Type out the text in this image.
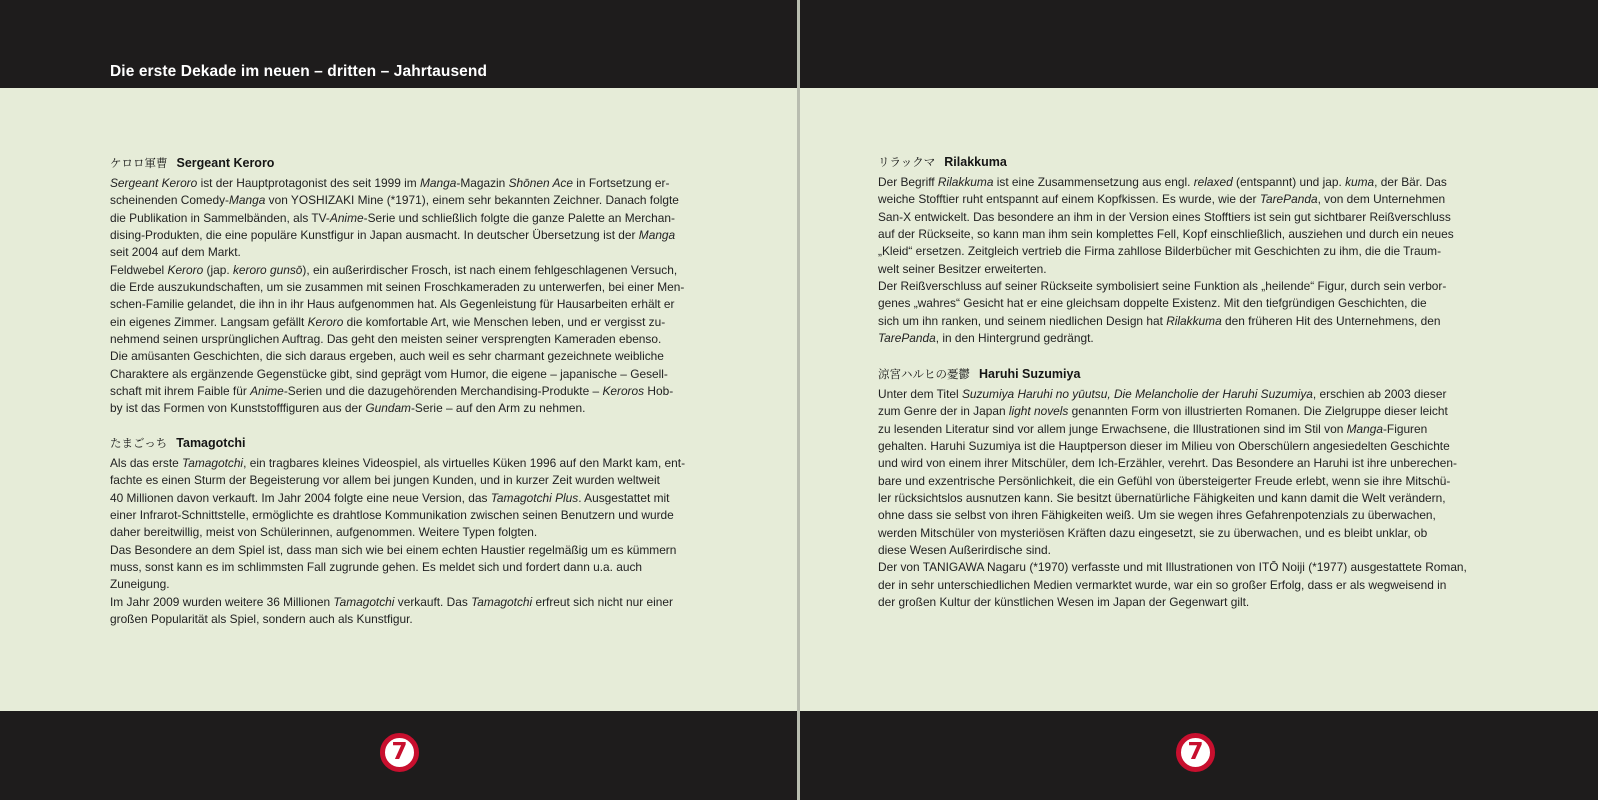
Die erste Dekade im neuen – dritten – Jahrtausend
ケロロ軍曹 Sergeant Keroro

Sergeant Keroro ist der Hauptprotagonist des seit 1999 im Manga-Magazin Shōnen Ace in Fortsetzung er-

scheinenden Comedy-Manga von YOSHIZAKI Mine (*1971), einem sehr bekannten Zeichner. Danach folgte

die Publikation in Sammelbänden, als TV-Anime-Serie und schließlich folgte die ganze Palette an Merchan-

dising-Produkten, die eine populäre Kunstfigur in Japan ausmacht. In deutscher Übersetzung ist der Manga

seit 2004 auf dem Markt.

Feldwebel Keroro (jap. keroro gunsō), ein außerirdischer Frosch, ist nach einem fehlgeschlagenen Versuch,

die Erde auszukundschaften, um sie zusammen mit seinen Froschkameraden zu unterwerfen, bei einer Men-

schen-Familie gelandet, die ihn in ihr Haus aufgenommen hat. Als Gegenleistung für Hausarbeiten erhält er

ein eigenes Zimmer. Langsam gefällt Keroro die komfortable Art, wie Menschen leben, und er vergisst zu-

nehmend seinen ursprünglichen Auftrag. Das geht den meisten seiner versprengten Kameraden ebenso.

Die amüsanten Geschichten, die sich daraus ergeben, auch weil es sehr charmant gezeichnete weibliche

Charaktere als ergänzende Gegenstücke gibt, sind geprägt vom Humor, die eigene – japanische – Gesell-

schaft mit ihrem Faible für Anime-Serien und die dazugehörenden Merchandising-Produkte – Keroros Hob-

by ist das Formen von Kunststofffiguren aus der Gundam-Serie – auf den Arm zu nehmen.

たまごっち Tamagotchi

Als das erste Tamagotchi, ein tragbares kleines Videospiel, als virtuelles Küken 1996 auf den Markt kam, ent-

fachte es einen Sturm der Begeisterung vor allem bei jungen Kunden, und in kurzer Zeit wurden weltweit

40 Millionen davon verkauft. Im Jahr 2004 folgte eine neue Version, das Tamagotchi Plus. Ausgestattet mit

einer Infrarot-Schnittstelle, ermöglichte es drahtlose Kommunikation zwischen seinen Benutzern und wurde

daher bereitwillig, meist von Schülerinnen, aufgenommen. Weitere Typen folgten.

Das Besondere an dem Spiel ist, dass man sich wie bei einem echten Haustier regelmäßig um es kümmern

muss, sonst kann es im schlimmsten Fall zugrunde gehen. Es meldet sich und fordert dann u.a. auch

Zuneigung.

Im Jahr 2009 wurden weitere 36 Millionen Tamagotchi verkauft. Das Tamagotchi erfreut sich nicht nur einer

großen Popularität als Spiel, sondern auch als Kunstfigur.

7
リラックマ Rilakkuma

Der Begriff Rilakkuma ist eine Zusammensetzung aus engl. relaxed (entspannt) und jap. kuma, der Bär. Das

weiche Stofftier ruht entspannt auf einem Kopfkissen. Es wurde, wie der TarePanda, von dem Unternehmen

San-X entwickelt. Das besondere an ihm in der Version eines Stofftiers ist sein gut sichtbarer Reißverschluss

auf der Rückseite, so kann man ihm sein komplettes Fell, Kopf einschließlich, ausziehen und durch ein neues

„Kleid“ ersetzen. Zeitgleich vertrieb die Firma zahllose Bilderbücher mit Geschichten zu ihm, die die Traum-

welt seiner Besitzer erweiterten.

Der Reißverschluss auf seiner Rückseite symbolisiert seine Funktion als „heilende“ Figur, durch sein verbor-

genes „wahres“ Gesicht hat er eine gleichsam doppelte Existenz. Mit den tiefgründigen Geschichten, die

sich um ihn ranken, und seinem niedlichen Design hat Rilakkuma den früheren Hit des Unternehmens, den

TarePanda, in den Hintergrund gedrängt.

涼宮ハルヒの憂鬱 Haruhi Suzumiya

Unter dem Titel Suzumiya Haruhi no yūutsu, Die Melancholie der Haruhi Suzumiya, erschien ab 2003 dieser

zum Genre der in Japan light novels genannten Form von illustrierten Romanen. Die Zielgruppe dieser leicht

zu lesenden Literatur sind vor allem junge Erwachsene, die Illustrationen sind im Stil von Manga-Figuren

gehalten. Haruhi Suzumiya ist die Hauptperson dieser im Milieu von Oberschülern angesiedelten Geschichte

und wird von einem ihrer Mitschüler, dem Ich-Erzähler, verehrt. Das Besondere an Haruhi ist ihre unberechen-

bare und exzentrische Persönlichkeit, die ein Gefühl von übersteigerter Freude erlebt, wenn sie ihre Mitschü-

ler rücksichtslos ausnutzen kann. Sie besitzt übernatürliche Fähigkeiten und kann damit die Welt verändern,

ohne dass sie selbst von ihren Fähigkeiten weiß. Um sie wegen ihres Gefahrenpotenzials zu überwachen,

werden Mitschüler von mysteriösen Kräften dazu eingesetzt, sie zu überwachen, und es bleibt unklar, ob

diese Wesen Außerirdische sind.

Der von TANIGAWA Nagaru (*1970) verfasste und mit Illustrationen von ITŌ Noiji (*1977) ausgestattete Roman,

der in sehr unterschiedlichen Medien vermarktet wurde, war ein so großer Erfolg, dass er als wegweisend in

der großen Kultur der künstlichen Wesen im Japan der Gegenwart gilt.

7
